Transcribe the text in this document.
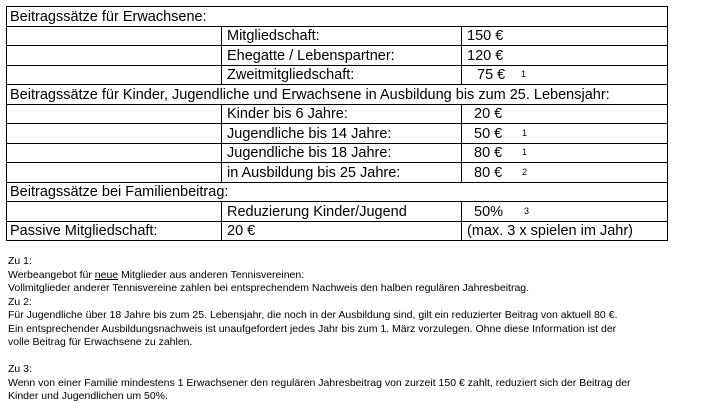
Beitragssätze für Erwachsene:		
	Mitgliedschaft:	150 €
	Ehegatte / Lebenspartner:	120 €
	Zweitmitgliedschaft:	75 € 1

Beitragssätze für Kinder, Jugendliche und Erwachsene in Ausbildung bis zum 25. Lebensjahr:		
	Kinder bis 6 Jahre:	20 €
	Jugendliche bis 14 Jahre:	50 € 1

	Jugendliche bis 18 Jahre:	80 € 1

	in Ausbildung bis 25 Jahre:	80 € 2

Beitragssätze bei Familienbeitrag:		
	Reduzierung Kinder/Jugend	50% 3

Passive Mitgliedschaft:	20 €	(max. 3 x spielen im Jahr)

Zu 1:

Werbeangebot für neue Mitglieder aus anderen Tennisvereinen:

Vollmitglieder anderer Tennisvereine zahlen bei entsprechendem Nachweis den halben regulären Jahresbeitrag.

Zu 2:

Für Jugendliche über 18 Jahre bis zum 25. Lebensjahr, die noch in der Ausbildung sind, gilt ein reduzierter Beitrag von aktuell 80 €.

Ein entsprechender Ausbildungsnachweis ist unaufgefordert jedes Jahr bis zum 1. März vorzulegen. Ohne diese Information ist der

volle Beitrag für Erwachsene zu zahlen.

Zu 3:

Wenn von einer Familie mindestens 1 Erwachsener den regulären Jahresbeitrag von zurzeit 150 € zahlt, reduziert sich der Beitrag der

Kinder und Jugendlichen um 50%.
